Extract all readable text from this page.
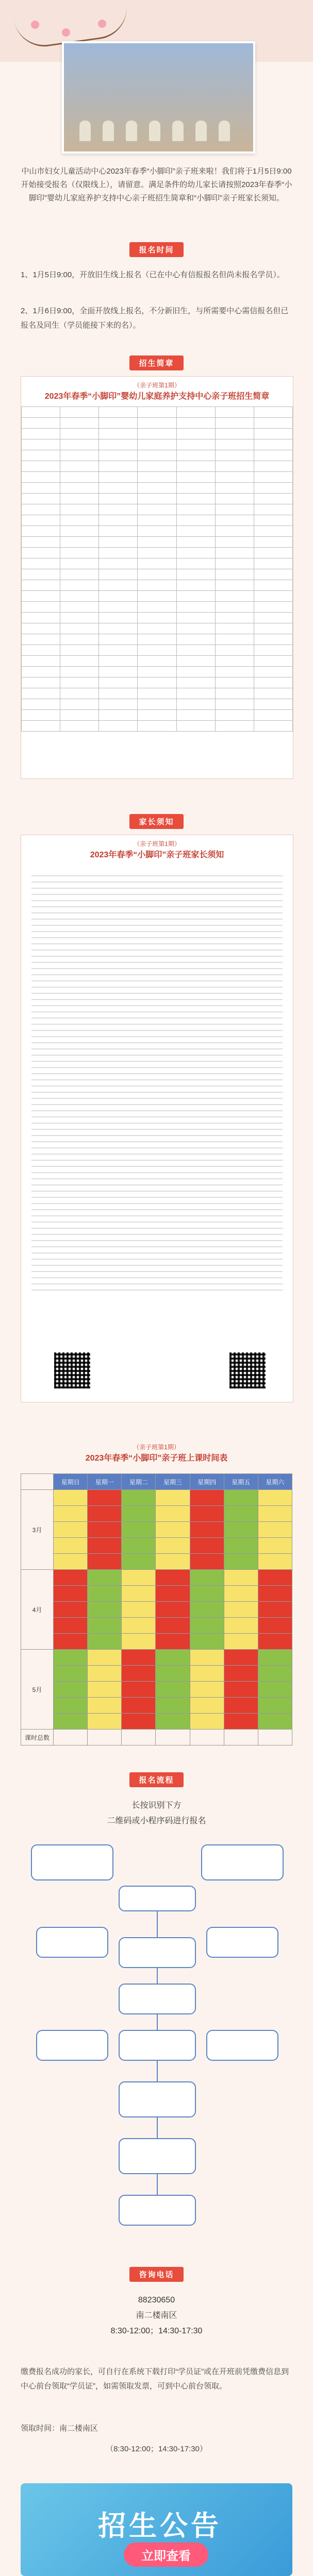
中山市妇女儿童活动中心2023年春季“小脚印”亲子班来啦！我们将于1月5日9:00开始接受报名（仅限线上），请留意。满足条件的幼儿家长请按照2023年春季“小脚印”婴幼儿家庭养护支持中心亲子班招生简章和“小脚印”亲子班家长须知。
报名时间
1、1月5日9:00，开放旧生线上报名（已在中心有信报报名但尚未报名学员）。
2、1月6日9:00，全面开放线上报名，不分新旧生，与所需要中心需信报名但已报名及同生（学员能接下来的名）。
招生简章
（亲子班第1期）
2023年春季“小脚印”婴幼儿家庭养护支持中心亲子班招生简章

家长须知
（亲子班第1期）
2023年春季“小脚印”亲子班家长须知
（亲子班第1期）
2023年春季“小脚印”亲子班上课时间表
	星期日	星期一	星期二	星期三	星期四	星期五	星期六
3月							

4月							

5月							

课时总数							
报名流程
长按识别下方
二维码或小程序码进行报名
咨询电话
88230650
南二楼南区
8:30-12:00；14:30-17:30
缴费报名成功的家长，可自行在系统下载打印“学员证”或在开班前凭缴费信息到中心前台领取“学员证”，如需领取发票，可到中心前台领取。
领取时间：南二楼南区
（8:30-12:00；14:30-17:30）
招生公告
立即查看
